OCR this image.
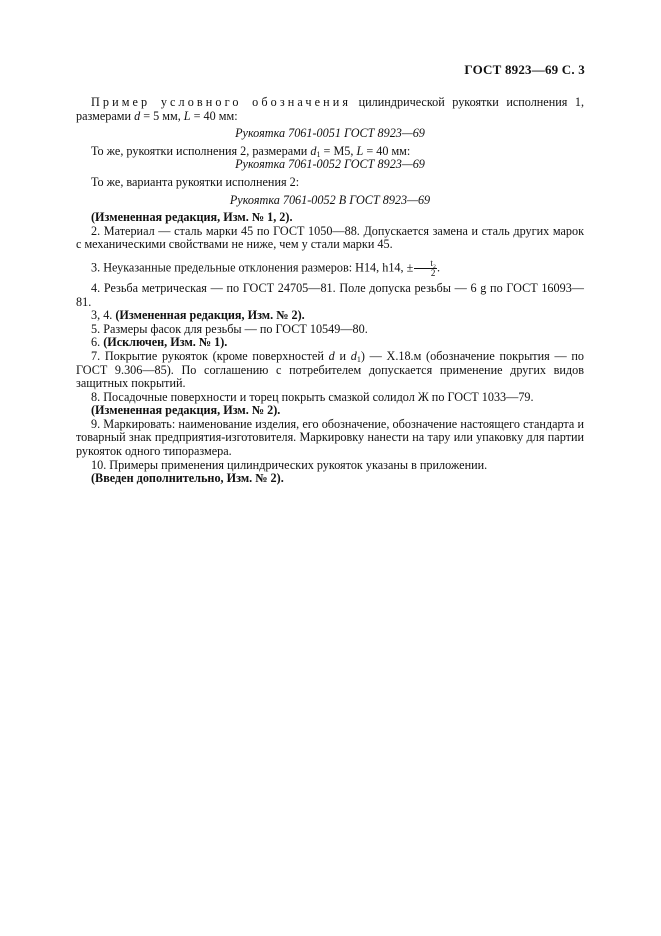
ГОСТ 8923—69 С. 3

Пример условного обозначения цилиндрической рукоятки исполнения 1, размерами d = 5 мм, L = 40 мм:

Рукоятка 7061-0051 ГОСТ 8923—69

То же, рукоятки исполнения 2, размерами $d_1 = М5$, L = 40 мм:

Рукоятка 7061-0052 ГОСТ 8923—69

То же, варианта рукоятки исполнения 2:

Рукоятка 7061-0052 В ГОСТ 8923—69

(Измененная редакция, Изм. № 1, 2).

2. Материал — сталь марки 45 по ГОСТ 1050—88. Допускается замена и сталь других марок с механическими свойствами не ниже, чем у стали марки 45.

3. Неуказанные предельные отклонения размеров: Н14, h14, ± $\frac{\text{t₂}}{2}$ .

4. Резьба метрическая — по ГОСТ 24705—81. Поле допуска резьбы — 6 g по ГОСТ 16093—81.

3, 4. (Измененная редакция, Изм. № 2).

5. Размеры фасок для резьбы — по ГОСТ 10549—80.

6. (Исключен, Изм. № 1).

7. Покрытие рукояток (кроме поверхностей d и $d_1$) — Х.18.м (обозначение покрытия — по ГОСТ 9.306—85). По соглашению с потребителем допускается применение других видов защитных покрытий.

8. Посадочные поверхности и торец покрыть смазкой солидол Ж по ГОСТ 1033—79.

(Измененная редакция, Изм. № 2).

9. Маркировать: наименование изделия, его обозначение, обозначение настоящего стандарта и товарный знак предприятия-изготовителя. Маркировку нанести на тару или упаковку для партии рукояток одного типоразмера.

10. Примеры применения цилиндрических рукояток указаны в приложении.

(Введен дополнительно, Изм. № 2).
